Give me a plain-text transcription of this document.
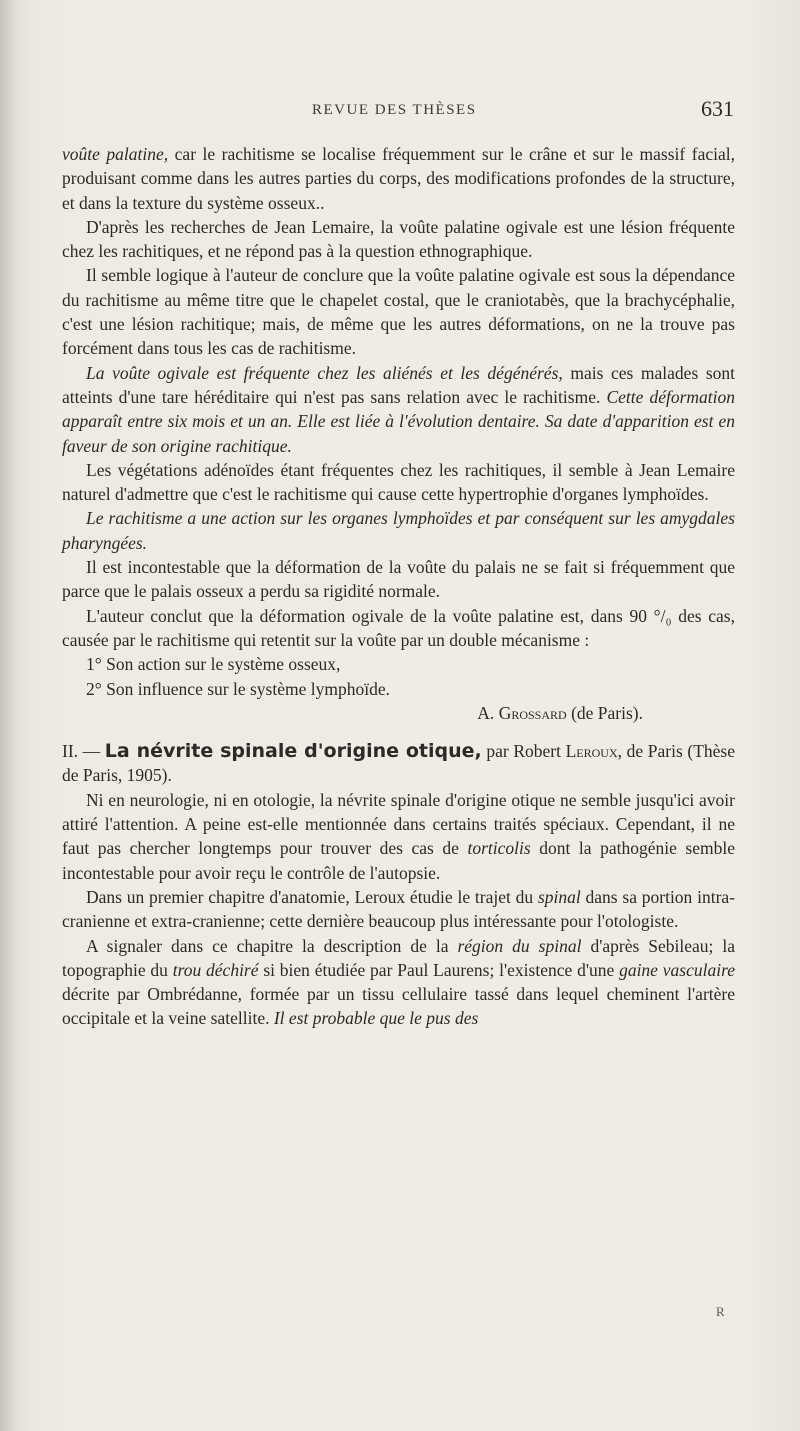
REVUE DES THÈSES	631

voûte palatine, car le rachitisme se localise fréquemment sur le crâne et sur le massif facial, produisant comme dans les autres parties du corps, des modifications profondes de la structure, et dans la texture du système osseux..

D'après les recherches de Jean Lemaire, la voûte palatine ogivale est une lésion fréquente chez les rachitiques, et ne répond pas à la question ethnographique.

Il semble logique à l'auteur de conclure que la voûte palatine ogivale est sous la dépendance du rachitisme au même titre que le chapelet costal, que le craniotabès, que la brachycéphalie, c'est une lésion rachitique; mais, de même que les autres déformations, on ne la trouve pas forcément dans tous les cas de rachitisme.

La voûte ogivale est fréquente chez les aliénés et les dégénérés, mais ces malades sont atteints d'une tare héréditaire qui n'est pas sans relation avec le rachitisme. Cette déformation apparaît entre six mois et un an. Elle est liée à l'évolution dentaire. Sa date d'apparition est en faveur de son origine rachitique.

Les végétations adénoïdes étant fréquentes chez les rachitiques, il semble à Jean Lemaire naturel d'admettre que c'est le rachitisme qui cause cette hypertrophie d'organes lymphoïdes.

Le rachitisme a une action sur les organes lymphoïdes et par conséquent sur les amygdales pharyngées.

Il est incontestable que la déformation de la voûte du palais ne se fait si fréquemment que parce que le palais osseux a perdu sa rigidité normale.

L'auteur conclut que la déformation ogivale de la voûte palatine est, dans 90 °/₀ des cas, causée par le rachitisme qui retentit sur la voûte par un double mécanisme :

1° Son action sur le système osseux,

2° Son influence sur le système lymphoïde.

A. Grossard (de Paris).

II. — La névrite spinale d'origine otique, par Robert Leroux, de Paris (Thèse de Paris, 1905).

Ni en neurologie, ni en otologie, la névrite spinale d'origine otique ne semble jusqu'ici avoir attiré l'attention. A peine est-elle mentionnée dans certains traités spéciaux. Cependant, il ne faut pas chercher longtemps pour trouver des cas de torticolis dont la pathogénie semble incontestable pour avoir reçu le contrôle de l'autopsie.

Dans un premier chapitre d'anatomie, Leroux étudie le trajet du spinal dans sa portion intra-cranienne et extra-cranienne; cette dernière beaucoup plus intéressante pour l'otologiste.

A signaler dans ce chapitre la description de la région du spinal d'après Sebileau; la topographie du trou déchiré si bien étudiée par Paul Laurens; l'existence d'une gaine vasculaire décrite par Ombrédanne, formée par un tissu cellulaire tassé dans lequel cheminent l'artère occipitale et la veine satellite. Il est probable que le pus des

R
